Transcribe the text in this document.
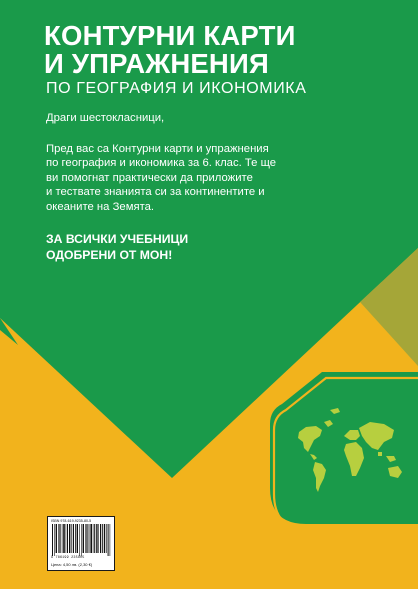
КОНТУРНИ КАРТИ
И УПРАЖНЕНИЯ
ПО ГЕОГРАФИЯ И ИКОНОМИКА
Драги шестокласници,
Пред вас са Контурни карти и упражнения
по география и икономика за 6. клас. Те ще
ви помогнат практически да приложите
и тествате знанията си за континентите и
океаните на Земята.
ЗА ВСИЧКИ УЧЕБНИЦИ
ОДОБРЕНИ ОТ МОН!
ISBN 978-619-9235-80-5
9 786199 235805
Цена: 4,50 лв. (2,30 €)
